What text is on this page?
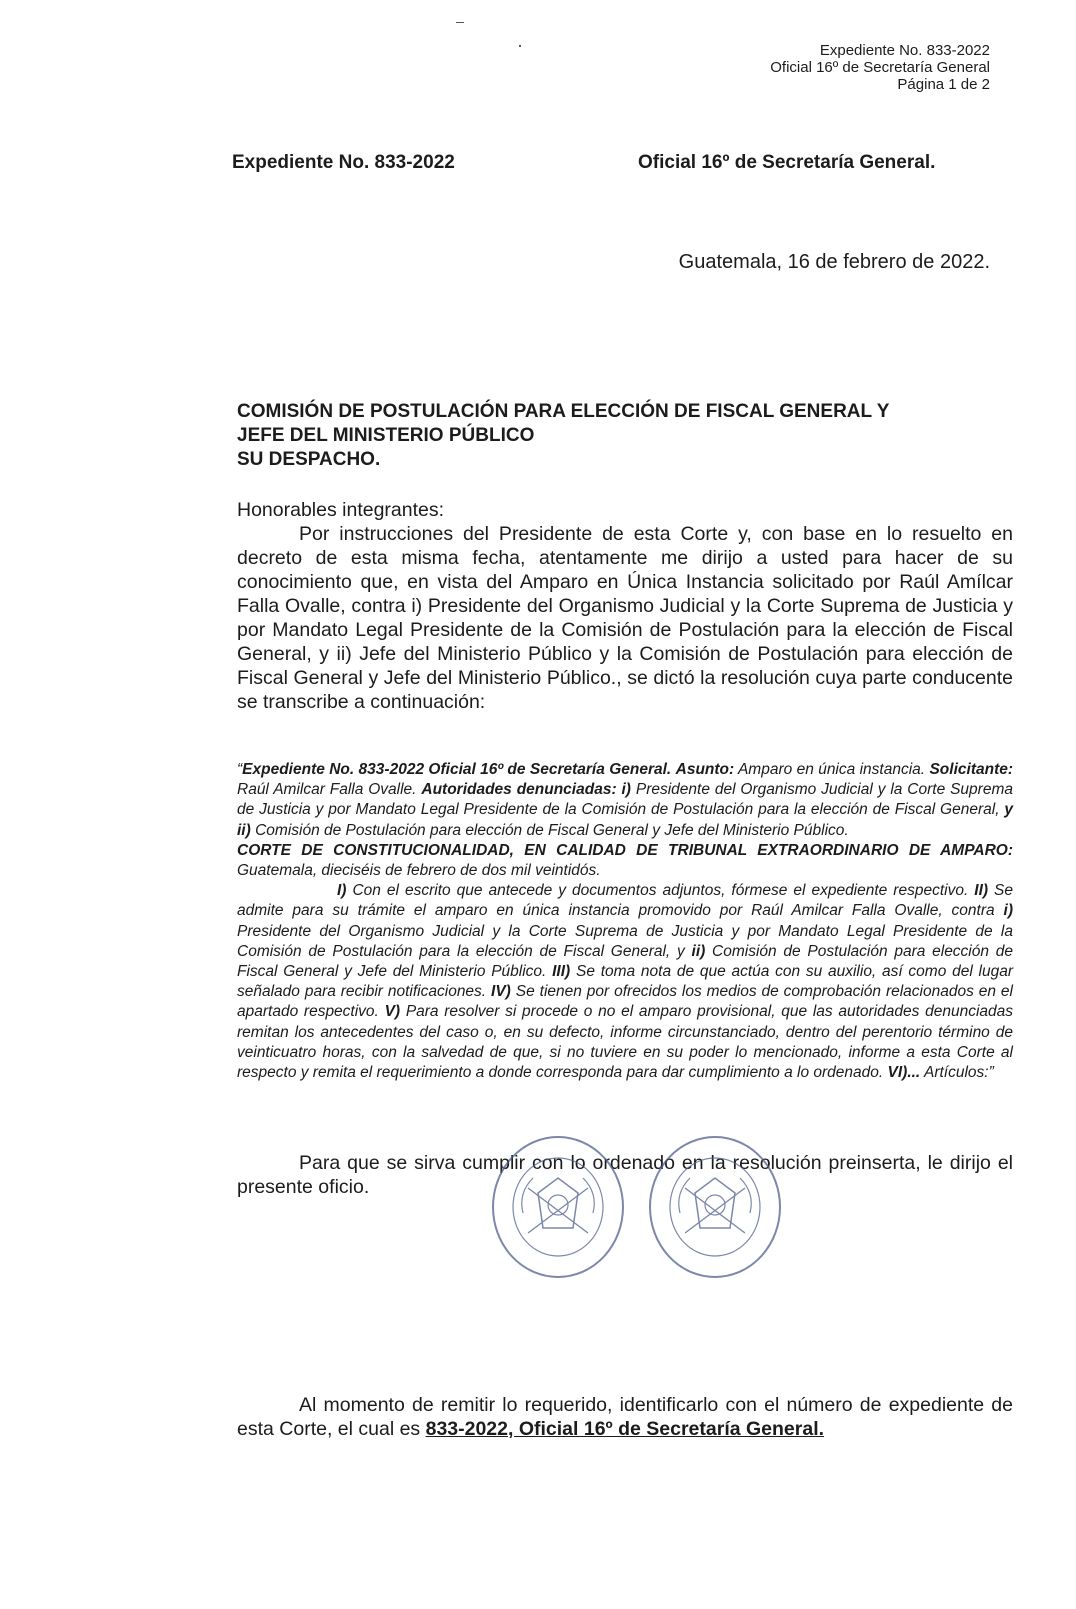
Expediente No. 833-2022
Oficial 16º de Secretaría General
Página 1 de 2
Expediente No. 833-2022	Oficial 16º de Secretaría General.
Guatemala, 16 de febrero de 2022.
COMISIÓN DE POSTULACIÓN PARA ELECCIÓN DE FISCAL GENERAL Y
JEFE DEL MINISTERIO PÚBLICO
SU DESPACHO.
Honorables integrantes:
Por instrucciones del Presidente de esta Corte y, con base en lo resuelto en decreto de esta misma fecha, atentamente me dirijo a usted para hacer de su conocimiento que, en vista del Amparo en Única Instancia solicitado por Raúl Amílcar Falla Ovalle, contra i) Presidente del Organismo Judicial y la Corte Suprema de Justicia y por Mandato Legal Presidente de la Comisión de Postulación para la elección de Fiscal General, y ii) Jefe del Ministerio Público y la Comisión de Postulación para elección de Fiscal General y Jefe del Ministerio Público., se dictó la resolución cuya parte conducente se transcribe a continuación:
“Expediente No. 833-2022 Oficial 16º de Secretaría General. Asunto: Amparo en única instancia. Solicitante: Raúl Amilcar Falla Ovalle. Autoridades denunciadas: i) Presidente del Organismo Judicial y la Corte Suprema de Justicia y por Mandato Legal Presidente de la Comisión de Postulación para la elección de Fiscal General, y ii) Comisión de Postulación para elección de Fiscal General y Jefe del Ministerio Público.
CORTE DE CONSTITUCIONALIDAD, EN CALIDAD DE TRIBUNAL EXTRAORDINARIO DE AMPARO: Guatemala, dieciséis de febrero de dos mil veintidós.
I) Con el escrito que antecede y documentos adjuntos, fórmese el expediente respectivo. II) Se admite para su trámite el amparo en única instancia promovido por Raúl Amilcar Falla Ovalle, contra i) Presidente del Organismo Judicial y la Corte Suprema de Justicia y por Mandato Legal Presidente de la Comisión de Postulación para la elección de Fiscal General, y ii) Comisión de Postulación para elección de Fiscal General y Jefe del Ministerio Público. III) Se toma nota de que actúa con su auxilio, así como del lugar señalado para recibir notificaciones. IV) Se tienen por ofrecidos los medios de comprobación relacionados en el apartado respectivo. V) Para resolver si procede o no el amparo provisional, que las autoridades denunciadas remitan los antecedentes del caso o, en su defecto, informe circunstanciado, dentro del perentorio término de veinticuatro horas, con la salvedad de que, si no tuviere en su poder lo mencionado, informe a esta Corte al respecto y remita el requerimiento a donde corresponda para dar cumplimiento a lo ordenado. VI)... Artículos:”
Para que se sirva cumplir con lo ordenado en la resolución preinserta, le dirijo el presente oficio.
Al momento de remitir lo requerido, identificarlo con el número de expediente de esta Corte, el cual es 833-2022, Oficial 16º de Secretaría General.
